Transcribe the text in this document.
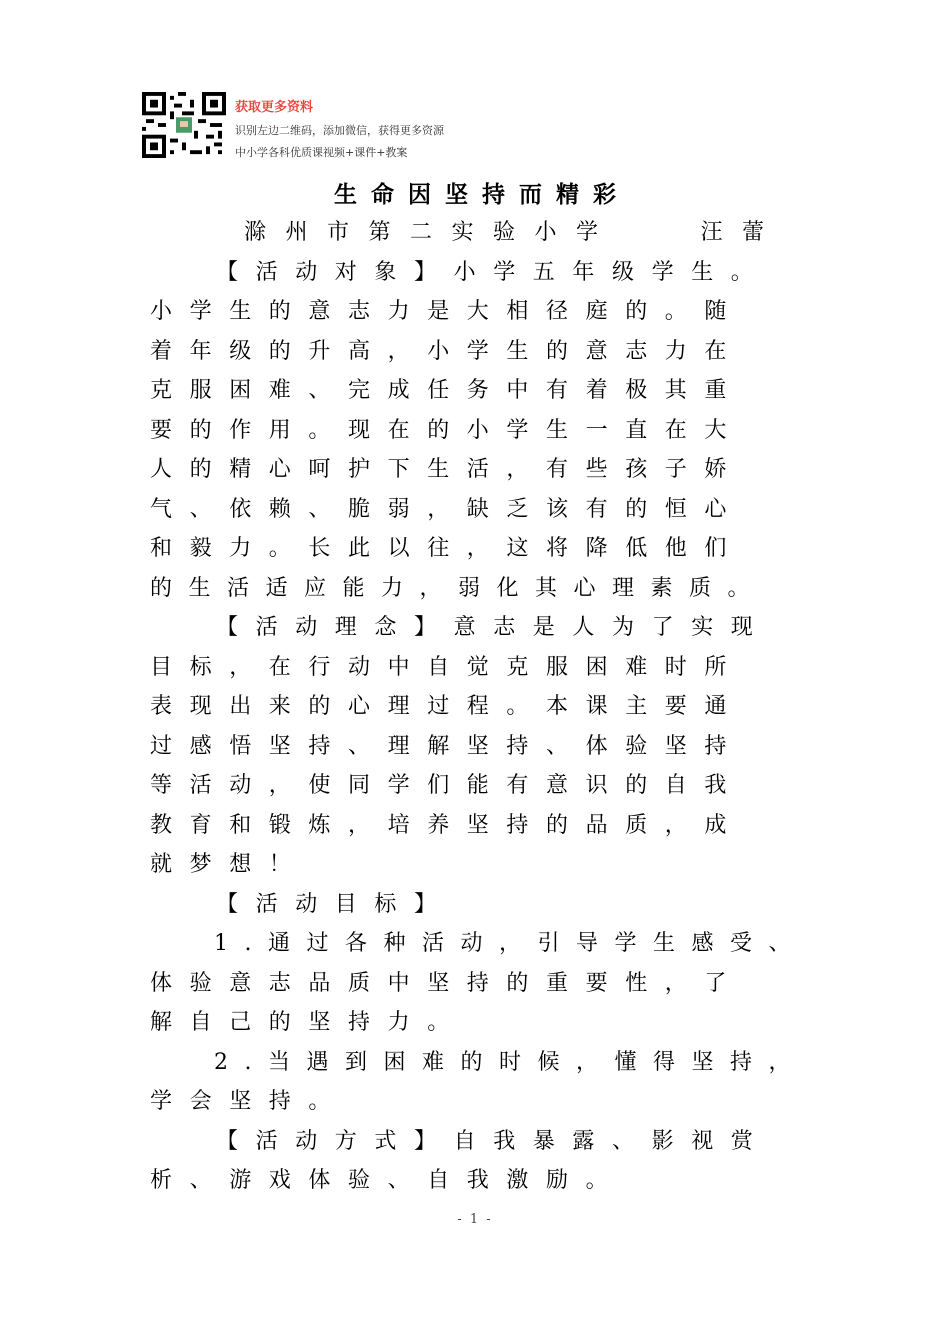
获取更多资料
识别左边二维码，添加微信，获得更多资源
中小学各科优质课视频+课件+教案
生命因坚持而精彩
滁州市第二实验小学　　汪蕾
【活动对象】小学五年级学生。
小学生的意志力是大相径庭的。随
着年级的升高，小学生的意志力在
克服困难、完成任务中有着极其重
要的作用。现在的小学生一直在大
人的精心呵护下生活，有些孩子娇
气、依赖、脆弱，缺乏该有的恒心
和毅力。长此以往，这将降低他们
的生活适应能力，弱化其心理素质。
【活动理念】意志是人为了实现
目标，在行动中自觉克服困难时所
表现出来的心理过程。本课主要通
过感悟坚持、理解坚持、体验坚持
等活动，使同学们能有意识的自我
教育和锻炼，培养坚持的品质，成
就梦想！
【活动目标】
1.通过各种活动，引导学生感受、
体验意志品质中坚持的重要性，了
解自己的坚持力。
2.当遇到困难的时候，懂得坚持，
学会坚持。
【活动方式】自我暴露、影视赏
析、游戏体验、自我激励。
- 1 -
